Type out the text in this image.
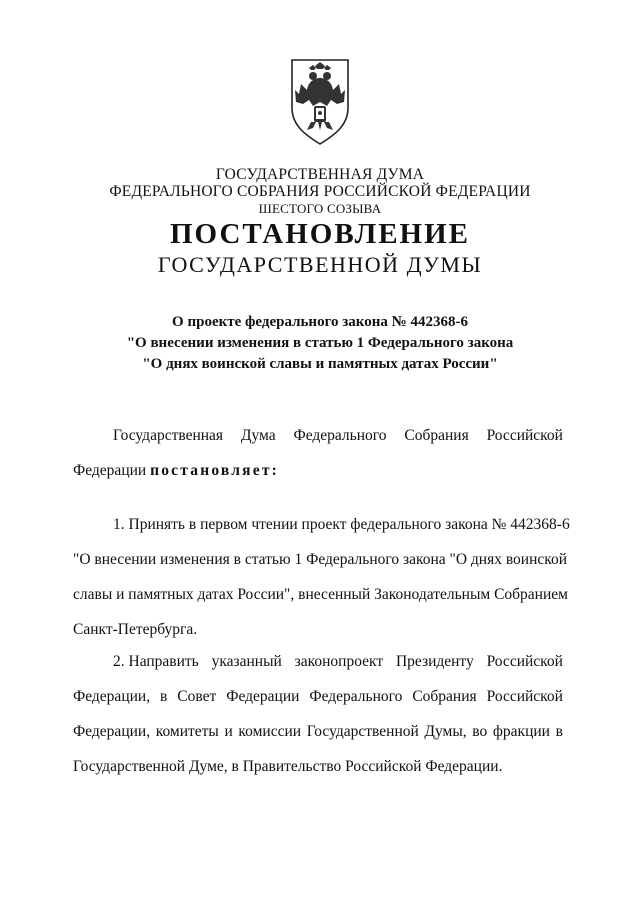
ГОСУДАРСТВЕННАЯ ДУМА
ФЕДЕРАЛЬНОГО СОБРАНИЯ РОССИЙСКОЙ ФЕДЕРАЦИИ
ШЕСТОГО СОЗЫВА
ПОСТАНОВЛЕНИЕ
ГОСУДАРСТВЕННОЙ ДУМЫ
О проекте федерального закона № 442368-6
"О внесении изменения в статью 1 Федерального закона
"О днях воинской славы и памятных датах России"
Государственная Дума Федерального Собрания Российской
Федерации постановляет:
1. Принять в первом чтении проект федерального закона № 442368-6
"О внесении изменения в статью 1 Федерального закона "О днях воинской
славы и памятных датах России", внесенный Законодательным Собранием
Санкт-Петербурга.
2. Направить указанный законопроект Президенту Российской
Федерации, в Совет Федерации Федерального Собрания Российской
Федерации, комитеты и комиссии Государственной Думы, во фракции в
Государственной Думе, в Правительство Российской Федерации.
